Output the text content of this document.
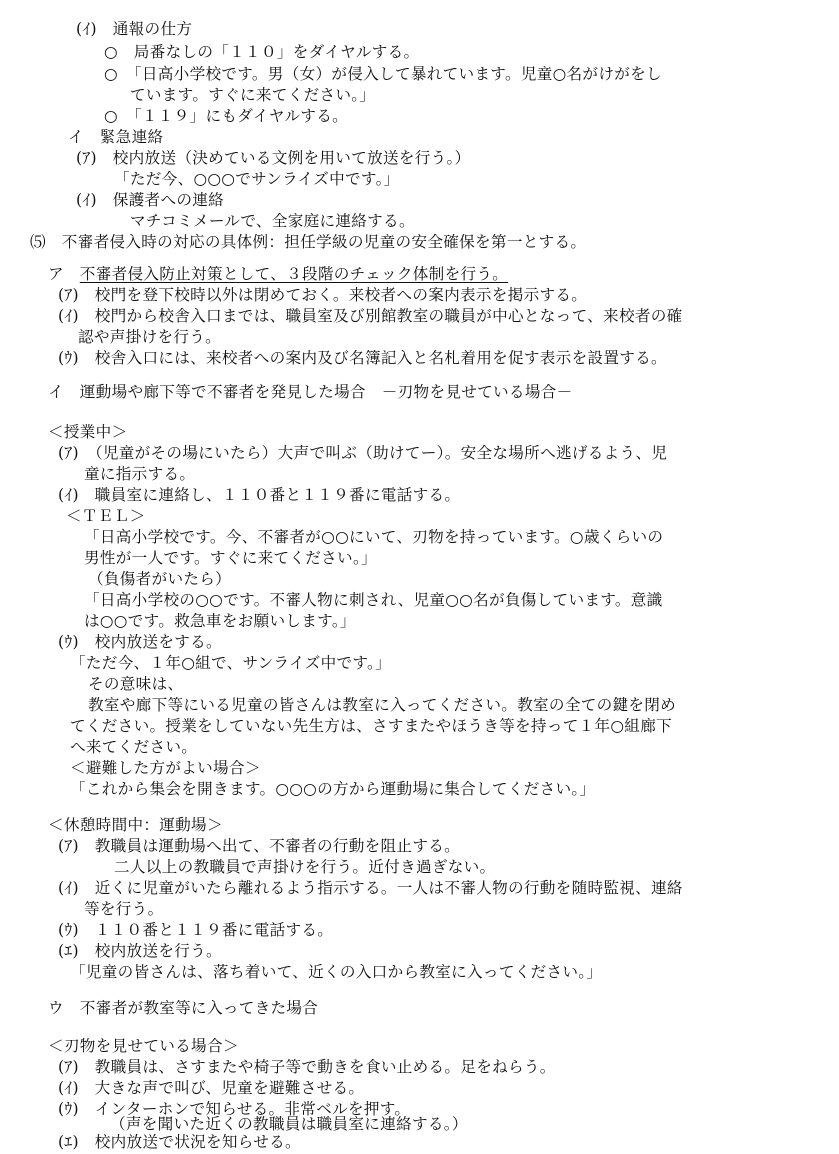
(ｲ)　通報の仕方
○　局番なしの「１１０」をダイヤルする。
○　「日高小学校です。男（女）が侵入して暴れています。児童○名がけがをし
ています。すぐに来てください。」
○　「１１９」にもダイヤルする。
イ　緊急連絡
(ｱ)　校内放送（決めている文例を用いて放送を行う。）
「ただ今、○○○でサンライズ中です。」
(ｲ)　保護者への連絡
マチコミメールで、全家庭に連絡する。
⑸　不審者侵入時の対応の具体例：担任学級の児童の安全確保を第一とする。
ア　不審者侵入防止対策として、３段階のチェック体制を行う。
(ｱ)　校門を登下校時以外は閉めておく。来校者への案内表示を掲示する。
(ｲ)　校門から校舎入口までは、職員室及び別館教室の職員が中心となって、来校者の確
認や声掛けを行う。
(ｳ)　校舎入口には、来校者への案内及び名簿記入と名札着用を促す表示を設置する。
イ　運動場や廊下等で不審者を発見した場合　－刃物を見せている場合－
＜授業中＞
(ｱ)　（児童がその場にいたら）大声で叫ぶ（助けてー）。安全な場所へ逃げるよう、児
童に指示する。
(ｲ)　職員室に連絡し、１１０番と１１９番に電話する。
＜ＴＥＬ＞
「日高小学校です。今、不審者が○○にいて、刃物を持っています。○歳くらいの
男性が一人です。すぐに来てください。」
（負傷者がいたら）
「日高小学校の○○です。不審人物に刺され、児童○○名が負傷しています。意識
は○○です。救急車をお願いします。」
(ｳ)　校内放送をする。
「ただ今、１年○組で、サンライズ中です。」
その意味は、
教室や廊下等にいる児童の皆さんは教室に入ってください。教室の全ての鍵を閉め
てください。授業をしていない先生方は、さすまたやほうき等を持って１年○組廊下
へ来てください。
＜避難した方がよい場合＞
「これから集会を開きます。○○○の方から運動場に集合してください。」
＜休憩時間中：運動場＞
(ｱ)　教職員は運動場へ出て、不審者の行動を阻止する。
二人以上の教職員で声掛けを行う。近付き過ぎない。
(ｲ)　近くに児童がいたら離れるよう指示する。一人は不審人物の行動を随時監視、連絡
等を行う。
(ｳ)　１１０番と１１９番に電話する。
(ｴ)　校内放送を行う。
「児童の皆さんは、落ち着いて、近くの入口から教室に入ってください。」
ウ　不審者が教室等に入ってきた場合
＜刃物を見せている場合＞
(ｱ)　教職員は、さすまたや椅子等で動きを食い止める。足をねらう。
(ｲ)　大きな声で叫び、児童を避難させる。
(ｳ)　インターホンで知らせる。非常ベルを押す。
（声を聞いた近くの教職員は職員室に連絡する。）
(ｴ)　校内放送で状況を知らせる。
